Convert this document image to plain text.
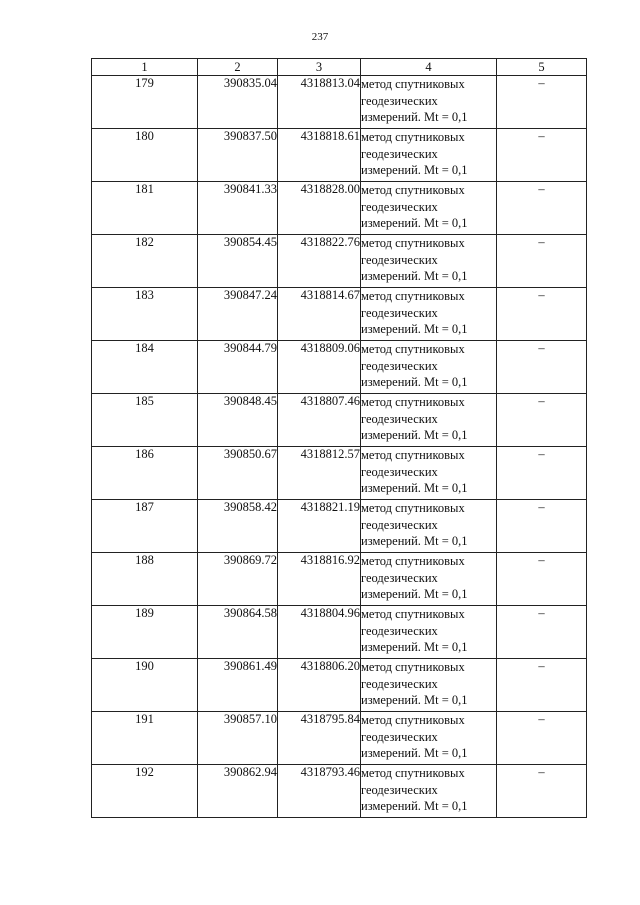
237
1	2	3	4	5
179	390835.04	4318813.04	метод спутниковых
геодезических
измерений. Mt = 0,1	–
180	390837.50	4318818.61	метод спутниковых
геодезических
измерений. Mt = 0,1	–
181	390841.33	4318828.00	метод спутниковых
геодезических
измерений. Mt = 0,1	–
182	390854.45	4318822.76	метод спутниковых
геодезических
измерений. Mt = 0,1	–
183	390847.24	4318814.67	метод спутниковых
геодезических
измерений. Mt = 0,1	–
184	390844.79	4318809.06	метод спутниковых
геодезических
измерений. Mt = 0,1	–
185	390848.45	4318807.46	метод спутниковых
геодезических
измерений. Mt = 0,1	–
186	390850.67	4318812.57	метод спутниковых
геодезических
измерений. Mt = 0,1	–
187	390858.42	4318821.19	метод спутниковых
геодезических
измерений. Mt = 0,1	–
188	390869.72	4318816.92	метод спутниковых
геодезических
измерений. Mt = 0,1	–
189	390864.58	4318804.96	метод спутниковых
геодезических
измерений. Mt = 0,1	–
190	390861.49	4318806.20	метод спутниковых
геодезических
измерений. Mt = 0,1	–
191	390857.10	4318795.84	метод спутниковых
геодезических
измерений. Mt = 0,1	–
192	390862.94	4318793.46	метод спутниковых
геодезических
измерений. Mt = 0,1	–
